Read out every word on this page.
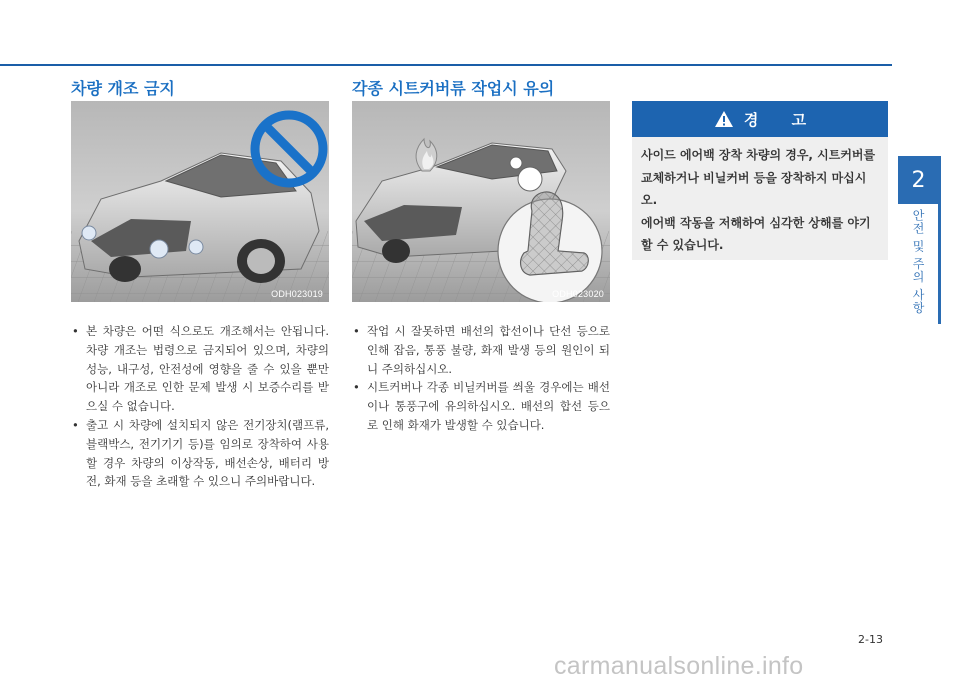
차량 개조 금지
ODH023019
• 본 차량은 어떤 식으로도 개조해서는 안됩니다. 차량 개조는 법령으로 금지되어 있으며, 차량의 성능, 내구성, 안전성에 영향을 줄 수 있을 뿐만 아니라 개조로 인한 문제 발생 시 보증수리를 받으실 수 없습니다.
• 출고 시 차량에 설치되지 않은 전기장치(램프류, 블랙박스, 전기기기 등)를 임의로 장착하여 사용할 경우 차량의 이상작동, 배선손상, 배터리 방전, 화재 등을 초래할 수 있으니 주의바랍니다.
각종 시트커버류 작업시 유의
ODH023020
• 작업 시 잘못하면 배선의 합선이나 단선 등으로 인해 잡음, 통풍 불량, 화재 발생 등의 원인이 되니 주의하십시오.
• 시트커버나 각종 비닐커버를 씌울 경우에는 배선이나 통풍구에 유의하십시오. 배선의 합선 등으로 인해 화재가 발생할 수 있습니다.
경 고

사이드 에어백 장착 차량의 경우, 시트커버를 교체하거나 비닐커버 등을 장착하지 마십시오.

에어백 작동을 저해하여 심각한 상해를 야기할 수 있습니다.

2
안전 및 주의 사항
2-13
carmanualsonline.info
